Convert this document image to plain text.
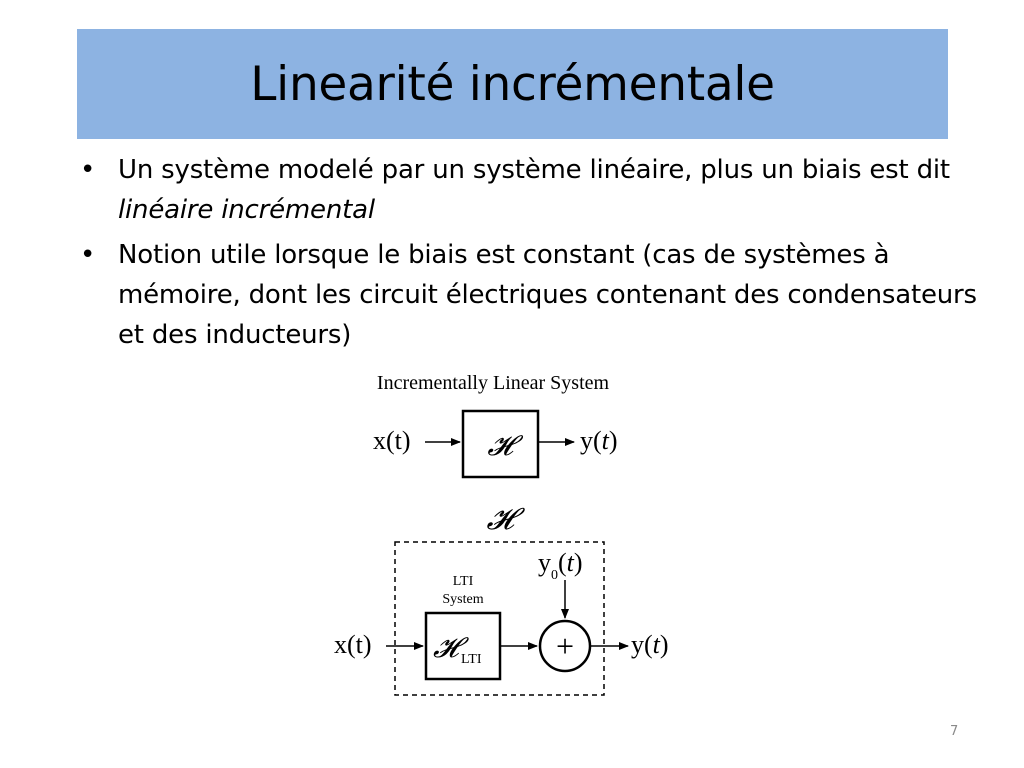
Linearité incrémentale
• Un système modelé par un système linéaire, plus un biais est dit linéaire incrémental
• Notion utile lorsque le biais est constant (cas de systèmes à mémoire, dont les circuit électriques contenant des condensateurs et des inducteurs)
Incrementally Linear System
x(t)	𝓗	y(t)
𝓗
LTI
System
x(t) 𝓗 LTI
$y_0(t)$
+ y(t)
7
